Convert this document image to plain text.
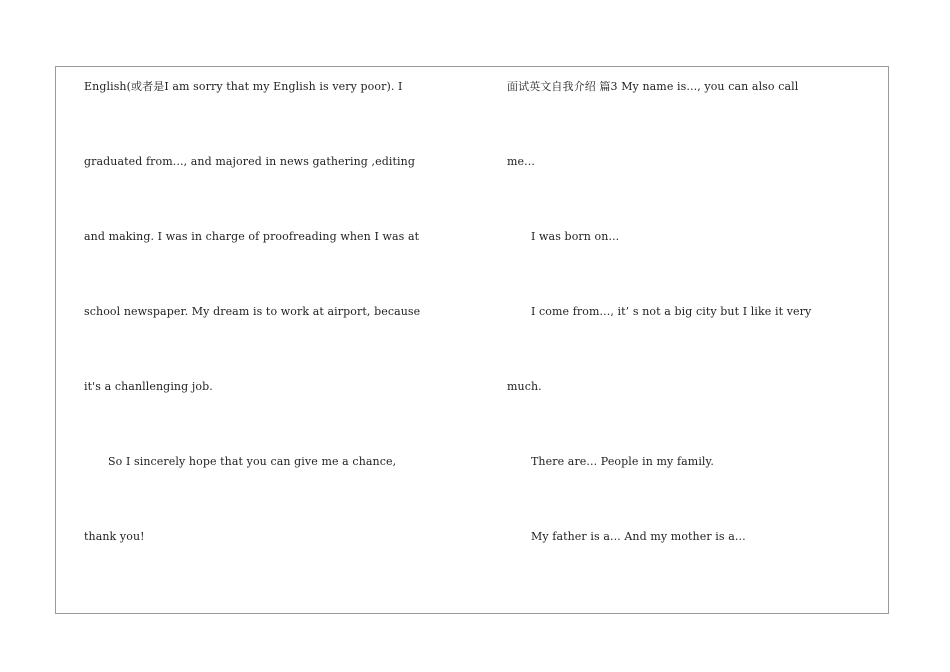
English(或者是I am sorry that my English is very poor). I
graduated from..., and majored in news gathering ,editing
and making. I was in charge of proofreading when I was at
school newspaper. My dream is to work at airport, because
it's a chanllenging job.
So I sincerely hope that you can give me a chance,
thank you!
面试英文自我介绍 篇3 My name is..., you can also call
me...
I was born on...
I come from..., it’ s not a big city but I like it very
much.
There are... People in my family.
My father is a... And my mother is a...
